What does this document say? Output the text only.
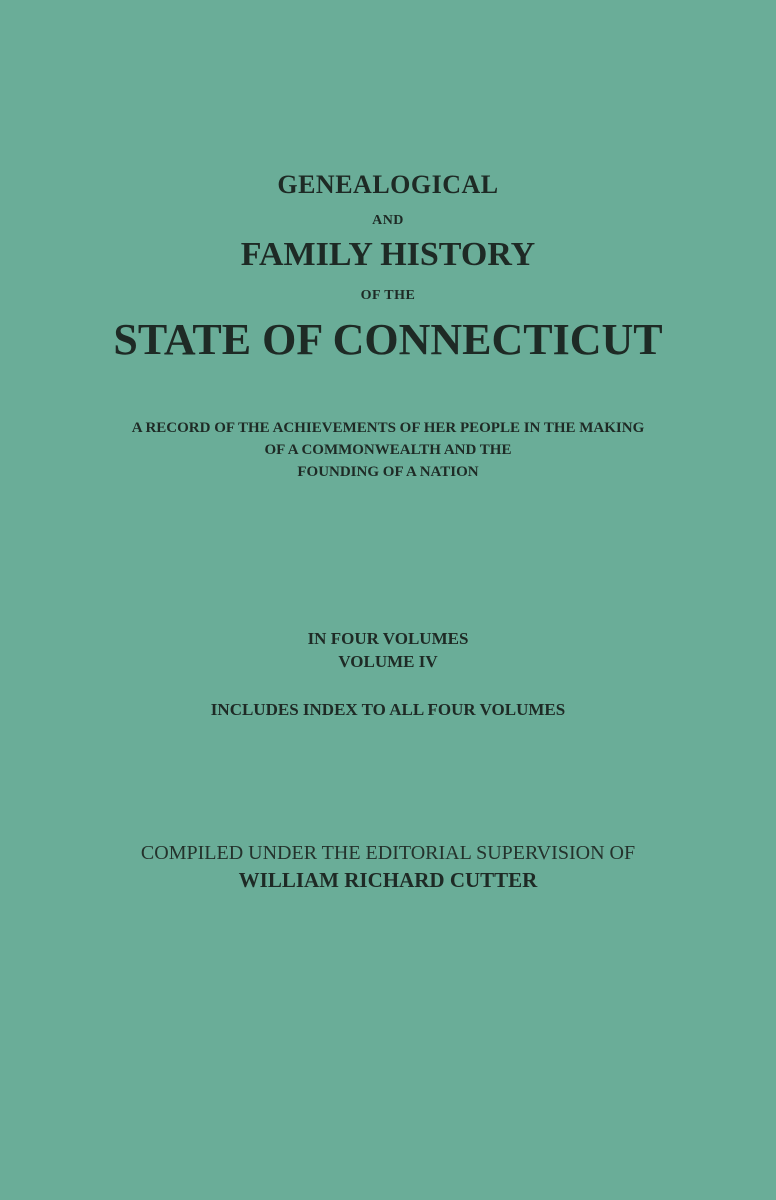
GENEALOGICAL

AND

FAMILY HISTORY

OF THE

STATE OF CONNECTICUT

A RECORD OF THE ACHIEVEMENTS OF HER PEOPLE IN THE MAKING

OF A COMMONWEALTH AND THE

FOUNDING OF A NATION

IN FOUR VOLUMES

VOLUME IV

INCLUDES INDEX TO ALL FOUR VOLUMES

COMPILED UNDER THE EDITORIAL SUPERVISION OF

WILLIAM RICHARD CUTTER
